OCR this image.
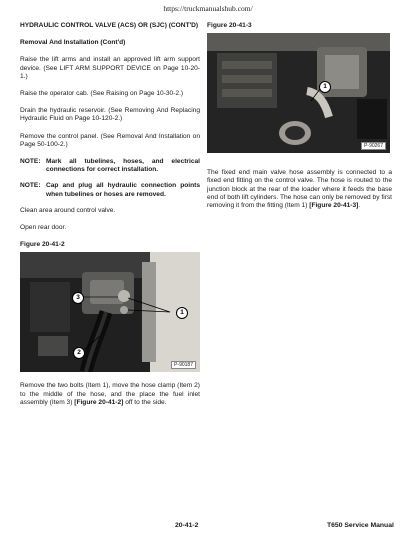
https://truckmanualshub.com/
HYDRAULIC CONTROL VALVE (ACS) OR (SJC) (CONT'D)
Removal And Installation (Cont'd)
Raise the lift arms and install an approved lift arm support device. (See LIFT ARM SUPPORT DEVICE on Page 10-20-1.)
Raise the operator cab. (See Raising on Page 10-30-2.)
Drain the hydraulic reservoir. (See Removing And Replacing Hydraulic Fluid on Page 10-120-2.)
Remove the control panel. (See Removal And Installation on Page 50-100-2.)
NOTE: Mark all tubelines, hoses, and electrical connections for correct installation.
NOTE: Cap and plug all hydraulic connection points when tubelines or hoses are removed.
Clean area around control valve.
Open rear door.
Figure 20-41-2
3
1
2
P-90187
Remove the two bolts (Item 1), move the hose clamp (Item 2) to the middle of the hose, and the place the fuel inlet assembly (Item 3) [Figure 20-41-2] off to the side.
Figure 20-41-3
1
P-90267
The fixed end main valve hose assembly is connected to a fixed end fitting on the control valve. The hose is routed to the junction block at the rear of the loader where it feeds the base end of both lift cylinders. The hose can only be removed by first removing it from the fitting (Item 1) [Figure 20-41-3].
20-41-2	T650 Service Manual
